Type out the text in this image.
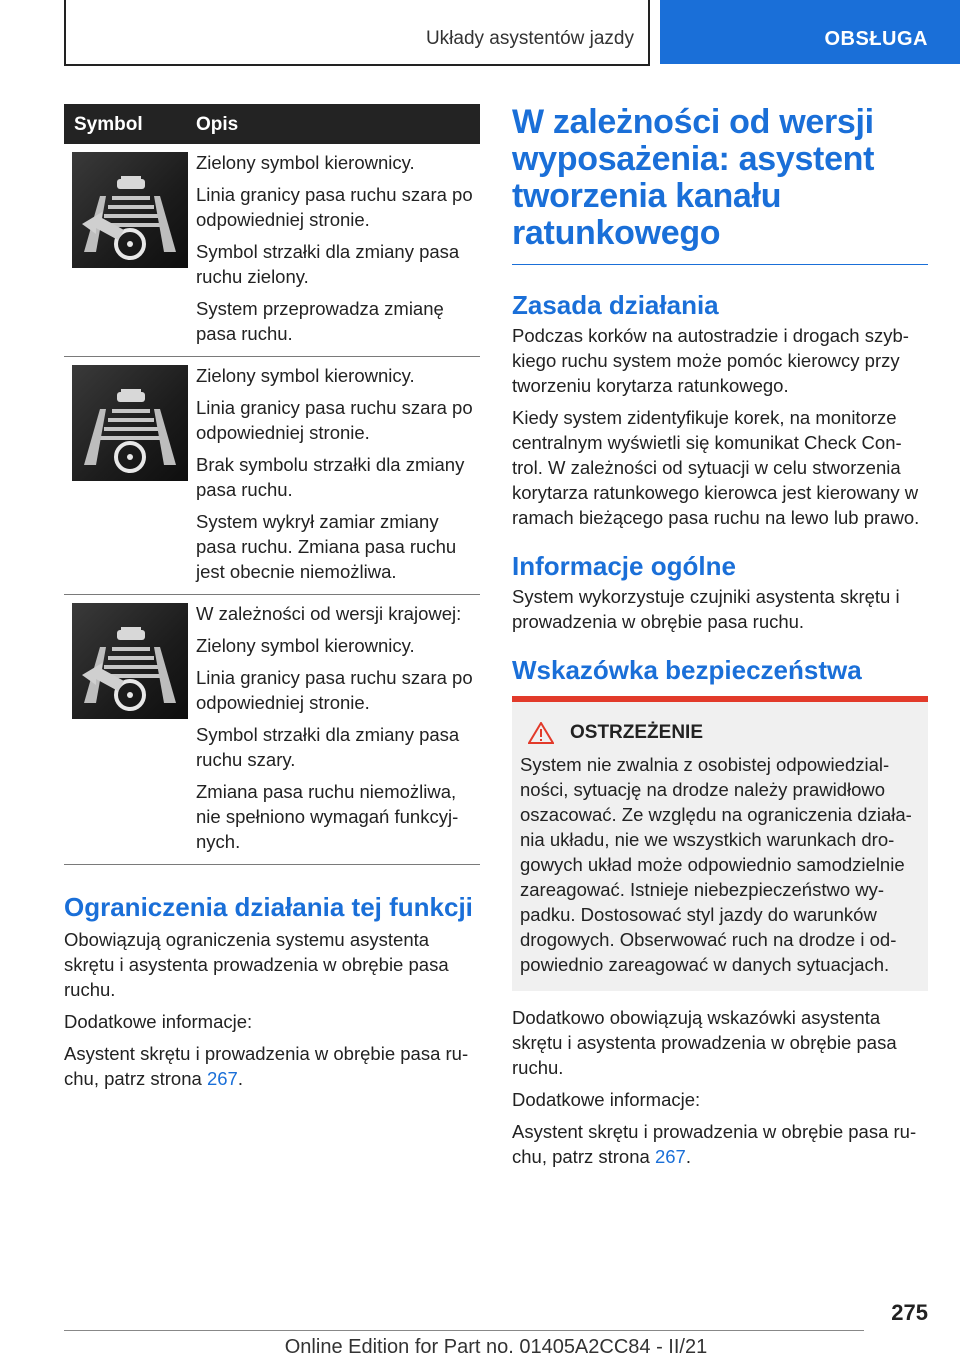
Układy asystentów jazdy	OBSŁUGA
Symbol	Opis

Zielony symbol kierownicy.

Linia granicy pasa ruchu szara po odpowiedniej stronie.

Symbol strzałki dla zmiany pasa ruchu zielony.

System przeprowadza zmianę pasa ruchu.

Zielony symbol kierownicy.

Linia granicy pasa ruchu szara po odpowiedniej stronie.

Brak symbolu strzałki dla zmiany pasa ruchu.

System wykrył zamiar zmiany pasa ruchu. Zmiana pasa ruchu jest obecnie niemożliwa.

W zależności od wersji krajowej:

Zielony symbol kierownicy.

Linia granicy pasa ruchu szara po odpowiedniej stronie.

Symbol strzałki dla zmiany pasa ruchu szary.

Zmiana pasa ruchu niemożliwa, nie spełniono wymagań funkcyj-nych.

Ograniczenia działania tej funkcji

Obowiązują ograniczenia systemu asystenta skrętu i asystenta prowadzenia w obrębie pasa ruchu.

Dodatkowe informacje:

Asystent skrętu i prowadzenia w obrębie pasa ru-chu, patrz strona 267.

W zależności od wersji wyposażenia: asystent tworzenia kanału ratunkowego
Zasada działania

Podczas korków na autostradzie i drogach szyb-kiego ruchu system może pomóc kierowcy przy tworzeniu korytarza ratunkowego.

Kiedy system zidentyfikuje korek, na monitorze centralnym wyświetli się komunikat Check Con-trol. W zależności od sytuacji w celu stworzenia korytarza ratunkowego kierowca jest kierowany w ramach bieżącego pasa ruchu na lewo lub prawo.

Informacje ogólne

System wykorzystuje czujniki asystenta skrętu i prowadzenia w obrębie pasa ruchu.

Wskazówka bezpieczeństwa
OSTRZEŻENIE

System nie zwalnia z osobistej odpowiedzial-ności, sytuację na drodze należy prawidłowo oszacować. Ze względu na ograniczenia działa-nia układu, nie we wszystkich warunkach dro-gowych układ może odpowiednio samodzielnie zareagować. Istnieje niebezpieczeństwo wy-padku. Dostosować styl jazdy do warunków drogowych. Obserwować ruch na drodze i od-powiednio zareagować w danych sytuacjach.

Dodatkowo obowiązują wskazówki asystenta skrętu i asystenta prowadzenia w obrębie pasa ruchu.

Dodatkowe informacje:

Asystent skrętu i prowadzenia w obrębie pasa ru-chu, patrz strona 267.

275
Online Edition for Part no. 01405A2CC84 - II/21
